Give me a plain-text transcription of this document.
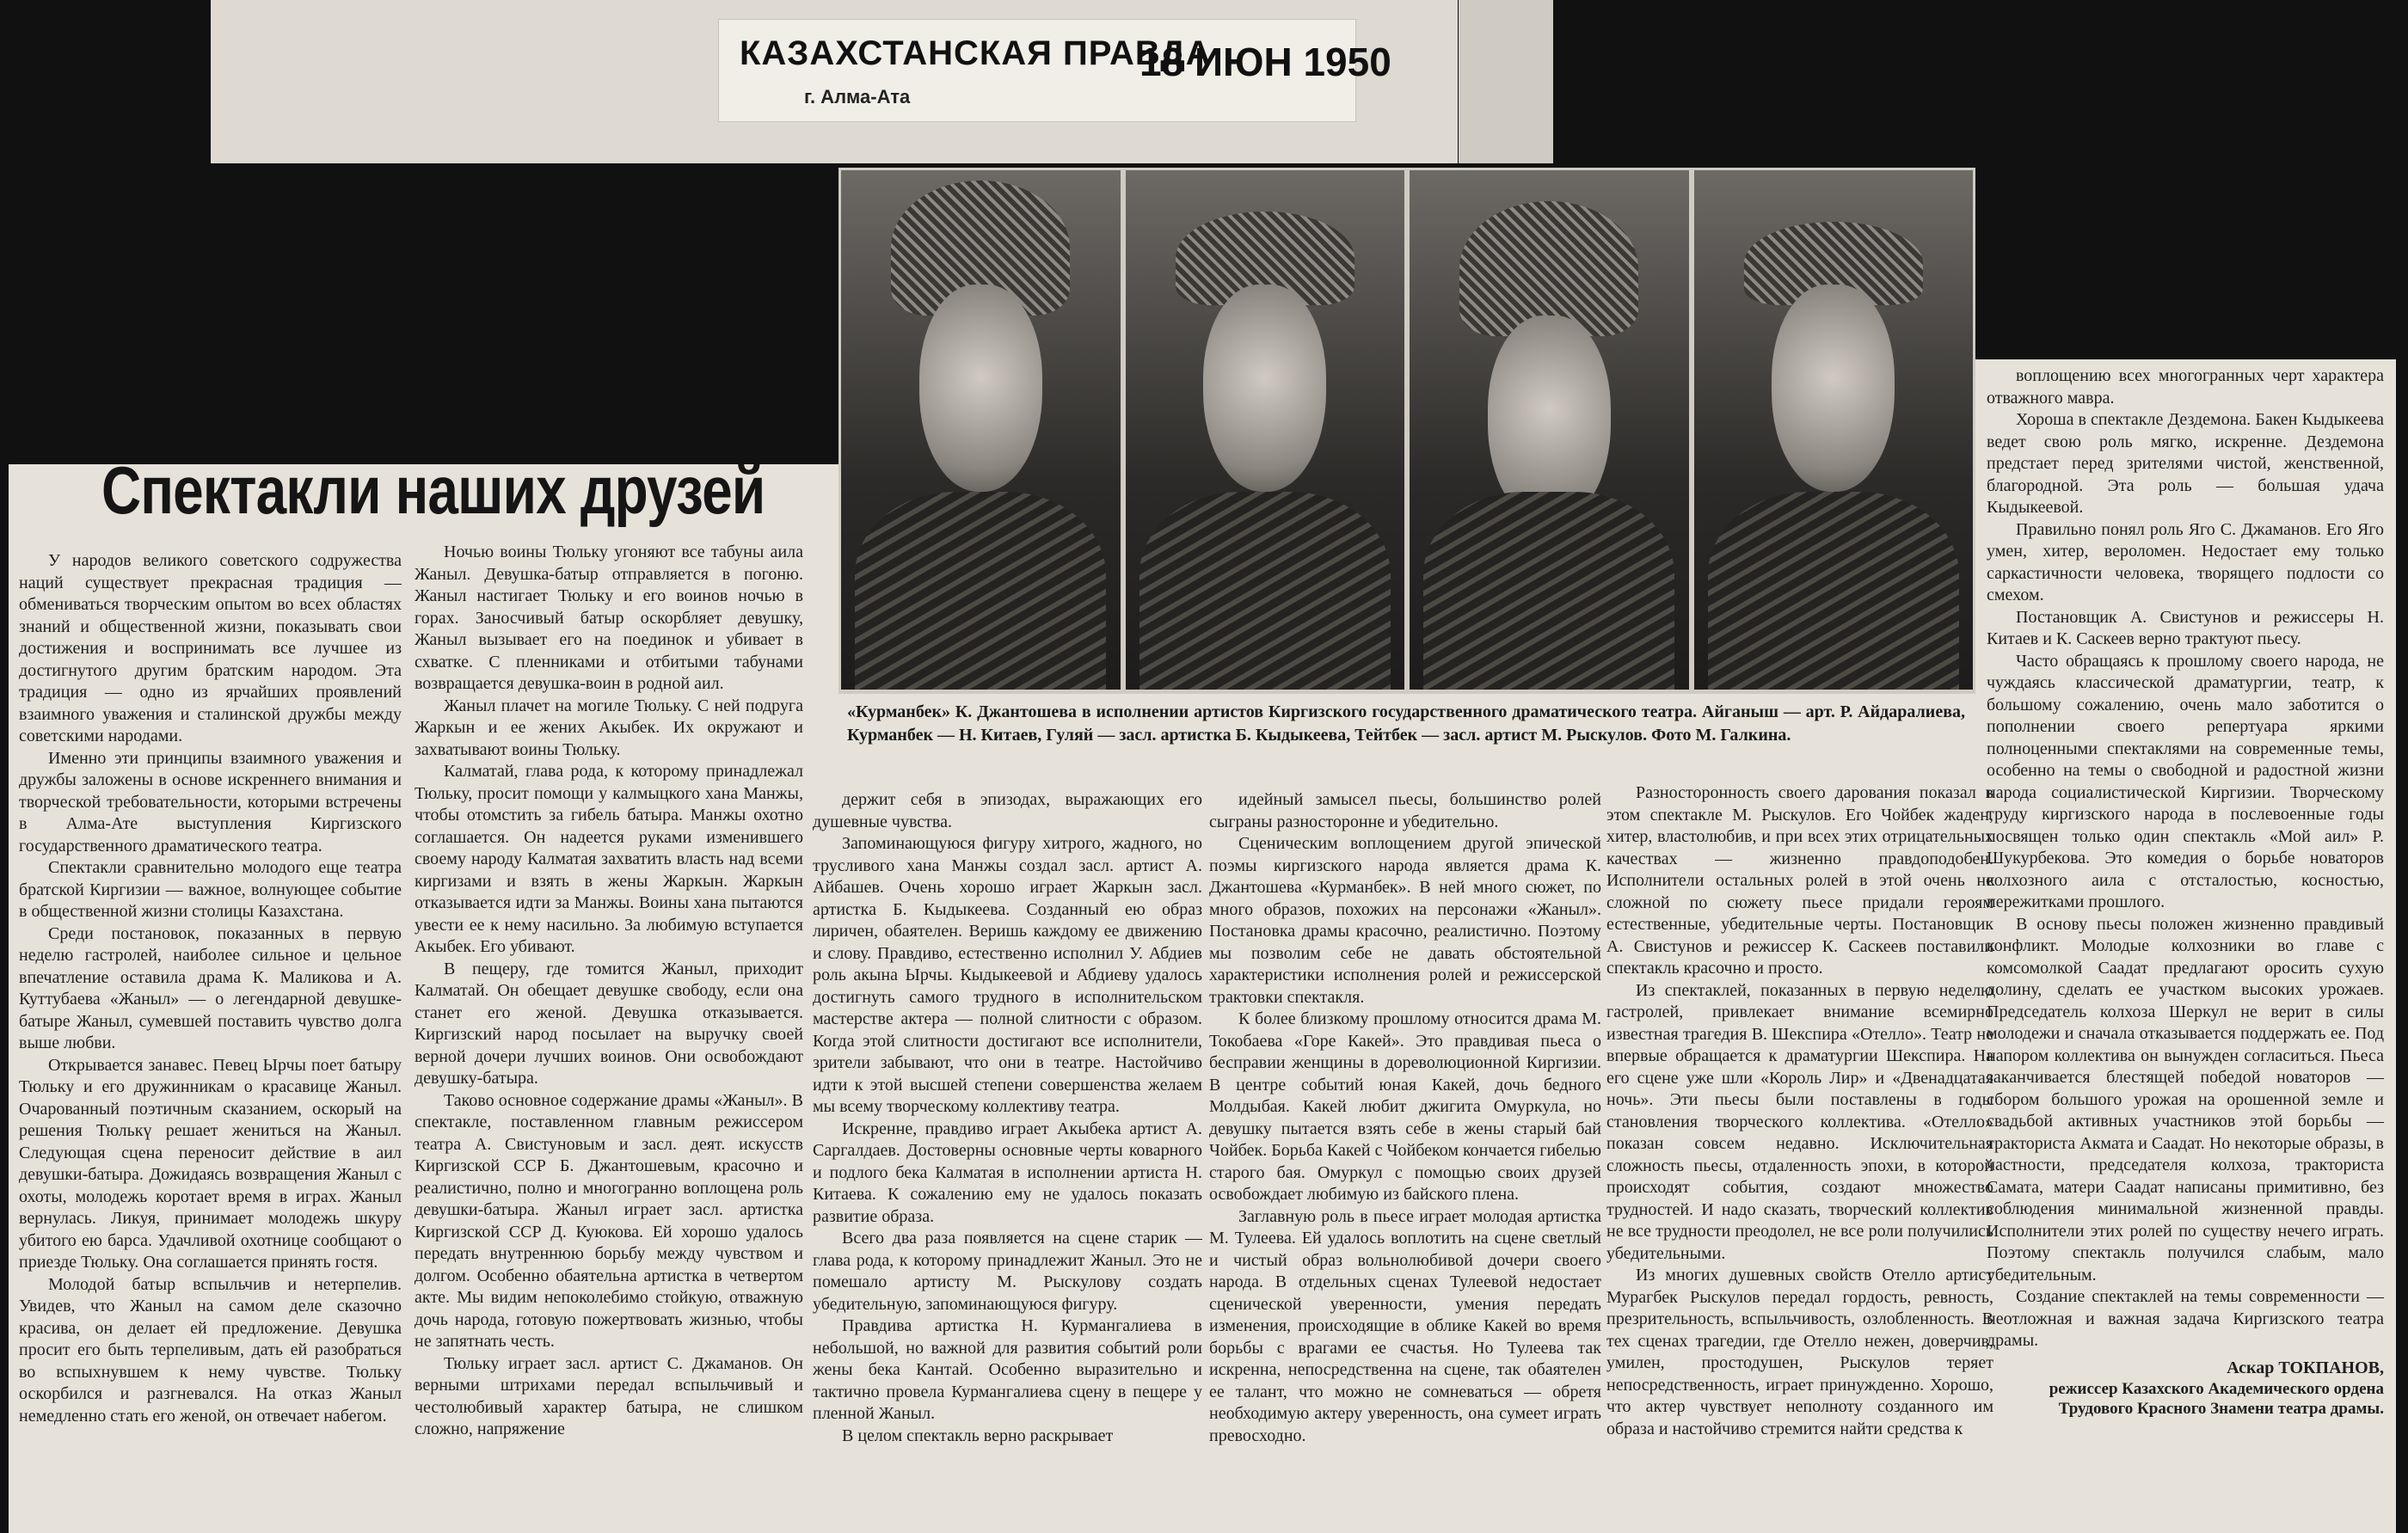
КАЗАХСТАНСКАЯ ПРАВДА
г. Алма-Ата
18 ИЮН 1950
«Курманбек» К. Джантошева в исполнении артистов Киргизского государственного драматического театра. Айганыш — арт. Р. Айдаралиева, Курманбек — Н. Китаев, Гуляй — засл. артистка Б. Кыдыкеева, Тейтбек — засл. артист М. Рыскулов. Фото М. Галкина.
Спектакли наших друзей

У народов великого советского содружества наций существует прекрасная традиция — обмениваться творческим опытом во всех областях знаний и общественной жизни, показывать свои достижения и воспринимать все лучшее из достигнутого другим братским народом. Эта традиция — одно из ярчайших проявлений взаимного уважения и сталинской дружбы между советскими народами.

Именно эти принципы взаимного уважения и дружбы заложены в основе искреннего внимания и творческой требовательности, которыми встречены в Алма-Ате выступления Киргизского государственного драматического театра.

Спектакли сравнительно молодого еще театра братской Киргизии — важное, волнующее событие в общественной жизни столицы Казахстана.

Среди постановок, показанных в первую неделю гастролей, наиболее сильное и цельное впечатление оставила драма К. Маликова и А. Куттубаева «Жаныл» — о легендарной девушке-батыре Жаныл, сумевшей поставить чувство долга выше любви.

Открывается занавес. Певец Ырчы поет батыру Тюльку и его дружинникам о красавице Жаныл. Очарованный поэтичным сказанием, оскорый на решения Тюлькү решает жениться на Жаныл. Следующая сцена переносит действие в аил девушки-батыра. Дожидаясь возвращения Жаныл с охоты, молодежь коротает время в играх. Жаныл вернулась. Ликуя, принимает молодежь шкуру убитого ею барса. Удачливой охотнице сообщают о приезде Тюльку. Она соглашается принять гостя.

Молодой батыр вспыльчив и нетерпелив. Увидев, что Жаныл на самом деле сказочно красива, он делает ей предложение. Девушка просит его быть терпеливым, дать ей разобраться во вспыхнувшем к нему чувстве. Тюльку оскорбился и разгневался. На отказ Жаныл немедленно стать его женой, он отвечает набегом.

Ночью воины Тюльку угоняют все табуны аила Жаныл. Девушка-батыр отправляется в погоню. Жаныл настигает Тюльку и его воинов ночью в горах. Заносчивый батыр оскорбляет девушку, Жаныл вызывает его на поединок и убивает в схватке. С пленниками и отбитыми табунами возвращается девушка-воин в родной аил.

Жаныл плачет на могиле Тюльку. С ней подруга Жаркын и ее жених Акыбек. Их окружают и захватывают воины Тюльку.

Калматай, глава рода, к которому принадлежал Тюльку, просит помощи у калмыцкого хана Манжы, чтобы отомстить за гибель батыра. Манжы охотно соглашается. Он надеется руками изменившего своему народу Калматая захватить власть над всеми киргизами и взять в жены Жаркын. Жаркын отказывается идти за Манжы. Воины хана пытаются увести ее к нему насильно. За любимую вступается Акыбек. Его убивают.

В пещеру, где томится Жаныл, приходит Калматай. Он обещает девушке свободу, если она станет его женой. Девушка отказывается. Киргизский народ посылает на выручку своей верной дочери лучших воинов. Они освобождают девушку-батыра.

Таково основное содержание драмы «Жаныл». В спектакле, поставленном главным режиссером театра А. Свистуновым и засл. деят. искусств Киргизской ССР Б. Джантошевым, красочно и реалистично, полно и многогранно воплощена роль девушки-батыра. Жаныл играет засл. артистка Киргизской ССР Д. Куюкова. Ей хорошо удалось передать внутреннюю борьбу между чувством и долгом. Особенно обаятельна артистка в четвертом акте. Мы видим непоколебимо стойкую, отважную дочь народа, готовую пожертвовать жизнью, чтобы не запятнать честь.

Тюльку играет засл. артист С. Джаманов. Он верными штрихами передал вспыльчивый и честолюбивый характер батыра, не слишком сложно, напряжение

держит себя в эпизодах, выражающих его душевные чувства.

Запоминающуюся фигуру хитрого, жадного, но трусливого хана Манжы создал засл. артист А. Айбашев. Очень хорошо играет Жаркын засл. артистка Б. Кыдыкеева. Созданный ею образ лиричен, обаятелен. Веришь каждому ее движению и слову. Правдиво, естественно исполнил У. Абдиев роль акына Ырчы. Кыдыкеевой и Абдиеву удалось достигнуть самого трудного в исполнительском мастерстве актера — полной слитности с образом. Когда этой слитности достигают все исполнители, зрители забывают, что они в театре. Настойчиво идти к этой высшей степени совершенства желаем мы всему творческому коллективу театра.

Искренне, правдиво играет Акыбека артист А. Саргалдаев. Достоверны основные черты коварного и подлого бека Калматая в исполнении артиста Н. Китаева. К сожалению ему не удалось показать развитие образа.

Всего два раза появляется на сцене старик — глава рода, к которому принадлежит Жаныл. Это не помешало артисту М. Рыскулову создать убедительную, запоминающуюся фигуру.

Правдива артистка Н. Курмангалиева в небольшой, но важной для развития событий роли жены бека Кантай. Особенно выразительно и тактично провела Курмангалиева сцену в пещере у пленной Жаныл.

В целом спектакль верно раскрывает

идейный замысел пьесы, большинство ролей сыграны разносторонне и убедительно.

Сценическим воплощением другой эпической поэмы киргизского народа является драма К. Джантошева «Курманбек». В ней много сюжет, по много образов, похожих на персонажи «Жаныл». Постановка драмы красочно, реалистично. Поэтому мы позволим себе не давать обстоятельной характеристики исполнения ролей и режиссерской трактовки спектакля.

К более близкому прошлому относится драма М. Токобаева «Горе Какей». Это правдивая пьеса о бесправии женщины в дореволюционной Киргизии. В центре событий юная Какей, дочь бедного Молдыбая. Какей любит джигита Омуркула, но девушку пытается взять себе в жены старый бай Чойбек. Борьба Какей с Чойбеком кончается гибелью старого бая. Омуркул с помощью своих друзей освобождает любимую из байского плена.

Заглавную роль в пьесе играет молодая артистка М. Тулеева. Ей удалось воплотить на сцене светлый и чистый образ вольнолюбивой дочери своего народа. В отдельных сценах Тулеевой недостает сценической уверенности, умения передать изменения, происходящие в облике Какей во время борьбы с врагами ее счастья. Но Тулеева так искренна, непосредственна на сцене, так обаятелен ее талант, что можно не сомневаться — обретя необходимую актеру уверенность, она сумеет играть превосходно.

Разносторонность своего дарования показал в этом спектакле М. Рыскулов. Его Чойбек жаден, хитер, властолюбив, и при всех этих отрицательных качествах — жизненно правдоподобен. Исполнители остальных ролей в этой очень не сложной по сюжету пьесе придали героям естественные, убедительные черты. Постановщик А. Свистунов и режиссер К. Саскеев поставили спектакль красочно и просто.

Из спектаклей, показанных в первую неделю гастролей, привлекает внимание всемирно известная трагедия В. Шекспира «Отелло». Театр не впервые обращается к драматургии Шекспира. На его сцене уже шли «Король Лир» и «Двенадцатая ночь». Эти пьесы были поставлены в годы становления творческого коллектива. «Отелло» показан совсем недавно. Исключительная сложность пьесы, отдаленность эпохи, в которой происходят события, создают множество трудностей. И надо сказать, творческий коллектив не все трудности преодолел, не все роли получились убедительными.

Из многих душевных свойств Отелло артист Мурагбек Рыскулов передал гордость, ревность, презрительность, вспыльчивость, озлобленность. В тех сценах трагедии, где Отелло нежен, доверчив, умилен, простодушен, Рыскулов теряет непосредственность, играет принужденно. Хорошо, что актер чувствует неполноту созданного им образа и настойчиво стремится найти средства к

воплощению всех многогранных черт характера отважного мавра.

Хороша в спектакле Дездемона. Бакен Кыдыкеева ведет свою роль мягко, искренне. Дездемона предстает перед зрителями чистой, женственной, благородной. Эта роль — большая удача Кыдыкеевой.

Правильно понял роль Яго С. Джаманов. Его Яго умен, хитер, вероломен. Недостает ему только саркастичности человека, творящего подлости со смехом.

Постановщик А. Свистунов и режиссеры Н. Китаев и К. Саскеев верно трактуют пьесу.

Часто обращаясь к прошлому своего народа, не чуждаясь классической драматургии, театр, к большому сожалению, очень мало заботится о пополнении своего репертуара яркими полноценными спектаклями на современные темы, особенно на темы о свободной и радостной жизни народа социалистической Киргизии. Творческому труду киргизского народа в послевоенные годы посвящен только один спектакль «Мой аил» Р. Шукурбекова. Это комедия о борьбе новаторов колхозного аила с отсталостью, косностью, пережитками прошлого.

В основу пьесы положен жизненно правдивый конфликт. Молодые колхозники во главе с комсомолкой Саадат предлагают оросить сухую долину, сделать ее участком высоких урожаев. Председатель колхоза Шеркул не верит в силы молодежи и сначала отказывается поддержать ее. Под напором коллектива он вынужден согласиться. Пьеса заканчивается блестящей победой новаторов — сбором большого урожая на орошенной земле и свадьбой активных участников этой борьбы — тракториста Акмата и Саадат. Но некоторые образы, в частности, председателя колхоза, тракториста Самата, матери Саадат написаны примитивно, без соблюдения минимальной жизненной правды. Исполнители этих ролей по существу нечего играть. Поэтому спектакль получился слабым, мало убедительным.

Создание спектаклей на темы современности — неотложная и важная задача Киргизского театра драмы.

Аскар ТОКПАНОВ,
режиссер Казахского Академического ордена Трудового Красного Знамени театра драмы.
